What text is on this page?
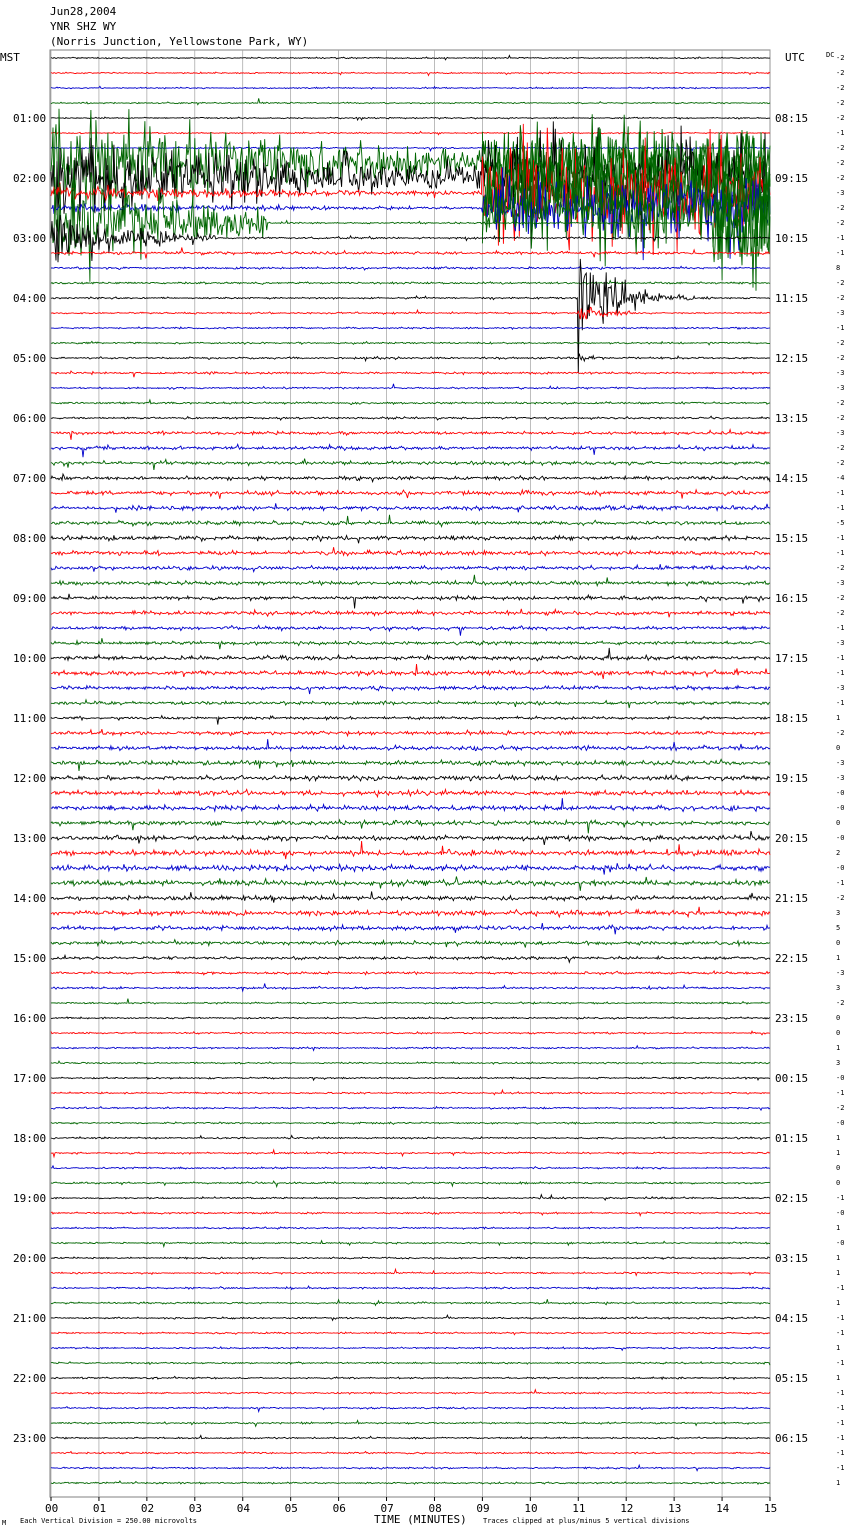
Jun28,2004
YNR SHZ WY
(Norris Junction, Yellowstone Park, WY)
MST	UTC	DC
01:00
02:00
03:00
04:00
05:00
06:00
07:00
08:00
09:00
10:00
11:00
12:00
13:00
14:00
15:00
16:00
17:00
18:00
19:00
20:00
21:00
22:00
23:00
08:15
09:15
10:15
11:15
12:15
13:15
14:15
15:15
16:15
17:15
18:15
19:15
20:15
21:15
22:15
23:15
00:15
01:15
02:15
03:15
04:15
05:15
06:15
-2
-2
-2
-2
-2
-1
-2
-2
-2
-3
-2
-2
-1
-1
8
-2
-2
-3
-1
-2
-2
-3
-3
-2
-2
-3
-2
-2
-4
-1
-1
-5
-1
-1
-2
-3
-2
-2
-1
-3
-1
-1
-3
-1
1
-2
0
-3
-3
-0
-0
0
-0
2
-0
-1
-2
3
5
0
1
-3
3
-2
0
0
1
3
-0
-1
-2
-0
1
1
0
0
-1
-0
1
-0
1
1
-1
1
-1
-1
1
-1
1
-1
-1
-1
-1
-1
-1
1
00	01	02	03	04	05	06	07	08	09	10	11	12	13	14	15
M Each Vertical Division = 250.00 microvolts	TIME (MINUTES) Traces clipped at plus/minus 5 vertical divisions
